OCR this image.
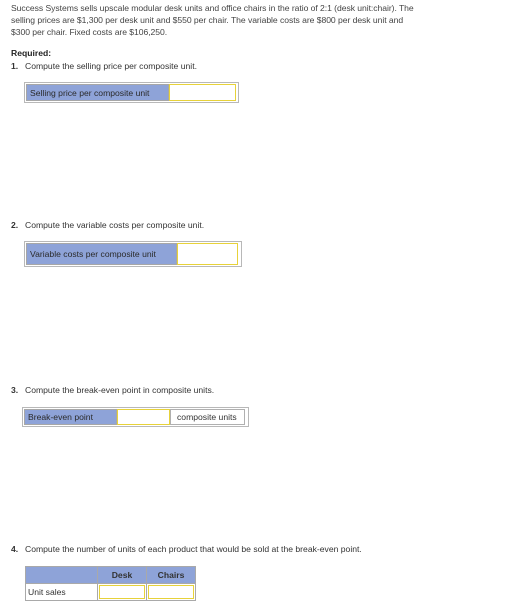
Success Systems sells upscale modular desk units and office chairs in the ratio of 2:1 (desk unit:chair). The
selling prices are $1,300 per desk unit and $550 per chair. The variable costs are $800 per desk unit and
$300 per chair. Fixed costs are $106,250.
Required:
1. Compute the selling price per composite unit.
Selling price per composite unit
2. Compute the variable costs per composite unit.
Variable costs per composite unit
3. Compute the break-even point in composite units.
Break-even point	composite units
4. Compute the number of units of each product that would be sold at the break-even point.
	Desk	Chairs
Unit sales		
